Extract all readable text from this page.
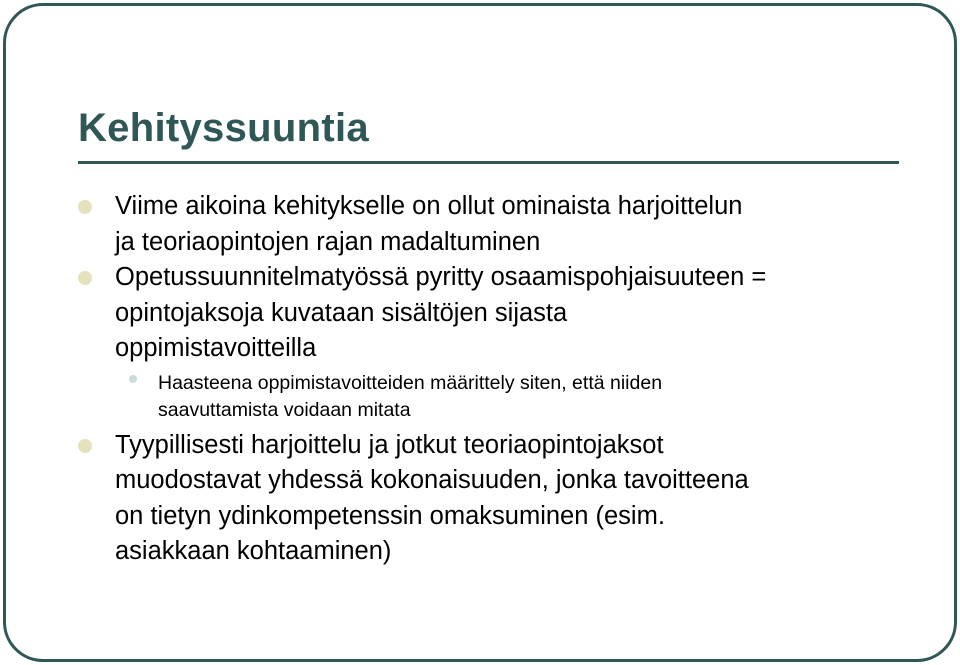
Kehityssuuntia
Viime aikoina kehitykselle on ollut ominaista harjoittelun
ja teoriaopintojen rajan madaltuminen
Opetussuunnitelmatyössä pyritty osaamispohjaisuuteen =
opintojaksoja kuvataan sisältöjen sijasta
oppimistavoitteilla
Haasteena oppimistavoitteiden määrittely siten, että niiden
saavuttamista voidaan mitata
Tyypillisesti harjoittelu ja jotkut teoriaopintojaksot
muodostavat yhdessä kokonaisuuden, jonka tavoitteena
on tietyn ydinkompetenssin omaksuminen (esim.
asiakkaan kohtaaminen)
